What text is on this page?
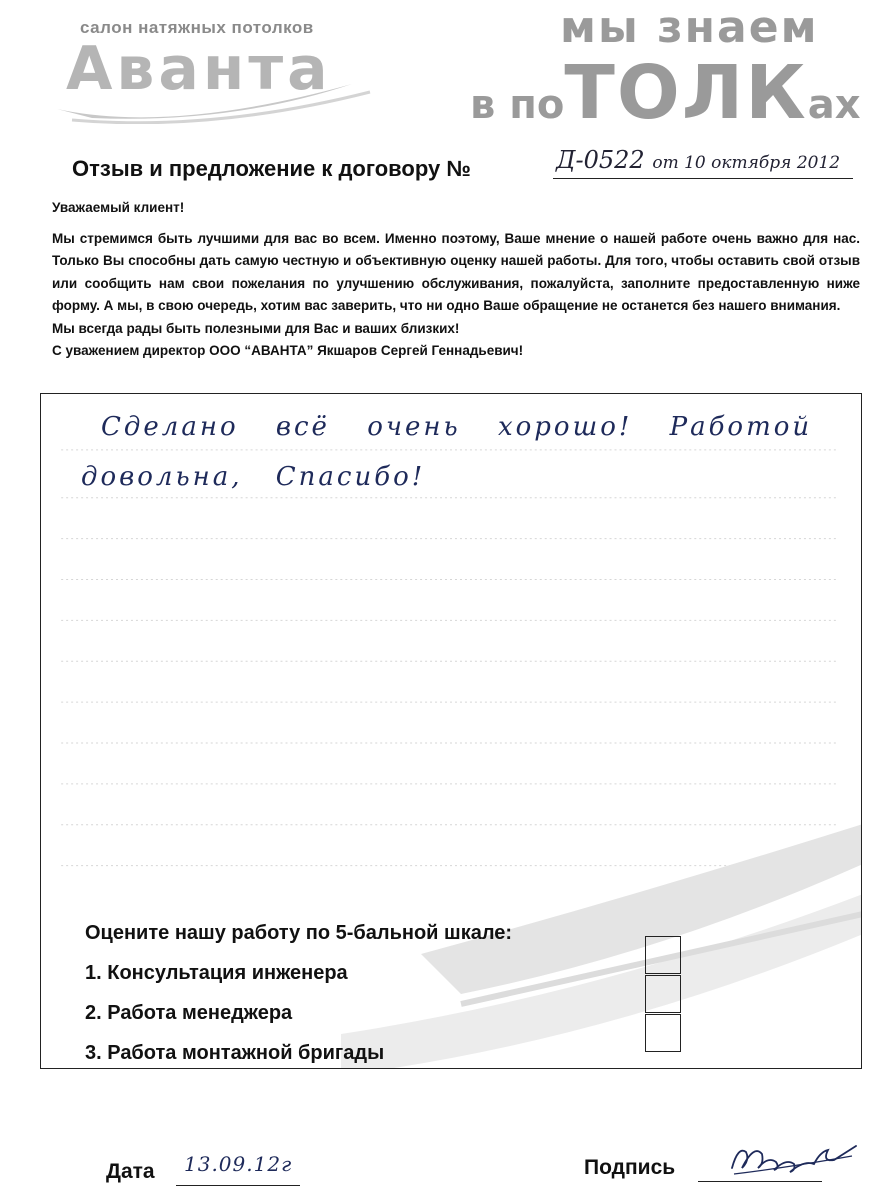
салон натяжных потолков
Аванта
мы знаем
в поТОЛКах
Отзыв и предложение к договору №	Д-0522 от 10 октября 2012
Уважаемый клиент!

Мы стремимся быть лучшими для вас во всем. Именно поэтому, Ваше мнение о нашей работе очень важно для нас. Только Вы способны дать самую честную и объективную оценку нашей работы. Для того, чтобы оставить свой отзыв или сообщить нам свои пожелания по улучшению обслуживания, пожалуйста, заполните предоставленную ниже форму. А мы, в свою очередь, хотим вас заверить, что ни одно Ваше обращение не останется без нашего внимания.

Мы всегда рады быть полезными для Вас и ваших близких!

С уважением директор ООО “АВАНТА” Якшаров Сергей Геннадьевич!

Сделано всё очень хорошо! Работой
довольна, Спасибо!
Оцените нашу работу по 5-бальной шкале:
1. Консультация инженера
2. Работа менеджера
3. Работа монтажной бригады
Дата 13.09.12г	Подпись
